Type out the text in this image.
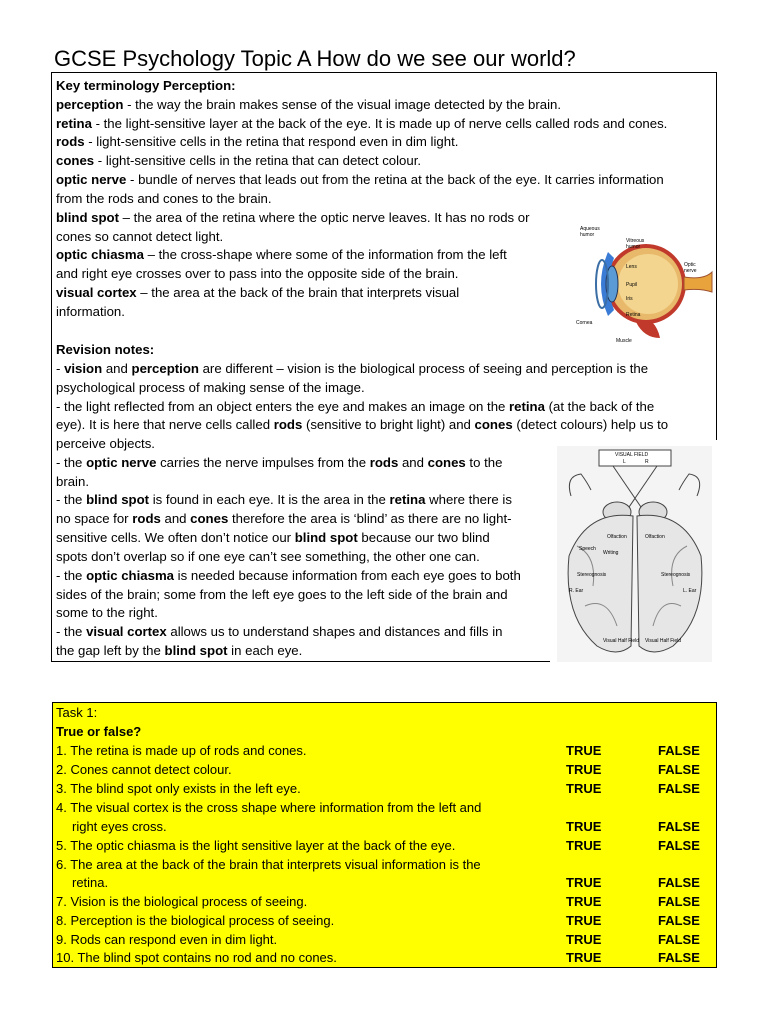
GCSE Psychology Topic A How do we see our world?
Key terminology Perception:
perception - the way the brain makes sense of the visual image detected by the brain.
retina - the light-sensitive layer at the back of the eye. It is made up of nerve cells called rods and cones.
rods - light-sensitive cells in the retina that respond even in dim light.
cones - light-sensitive cells in the retina that can detect colour.
optic nerve - bundle of nerves that leads out from the retina at the back of the eye. It carries information
from the rods and cones to the brain.
blind spot – the area of the retina where the optic nerve leaves. It has no rods or
cones so cannot detect light.
optic chiasma – the cross-shape where some of the information from the left
and right eye crosses over to pass into the opposite side of the brain.
visual cortex – the area at the back of the brain that interprets visual
information.
Revision notes:
- vision and perception are different – vision is the biological process of seeing and perception is the
psychological process of making sense of the image.
- the light reflected from an object enters the eye and makes an image on the retina (at the back of the
eye). It is here that nerve cells called rods (sensitive to bright light) and cones (detect colours) help us to
perceive objects.
- the optic nerve carries the nerve impulses from the rods and cones to the
brain.
- the blind spot is found in each eye. It is the area in the retina where there is
no space for rods and cones therefore the area is ‘blind’ as there are no light-
sensitive cells. We often don’t notice our blind spot because our two blind
spots don’t overlap so if one eye can’t see something, the other one can.
- the optic chiasma is needed because information from each eye goes to both
sides of the brain; some from the left eye goes to the left side of the brain and
some to the right.
- the visual cortex allows us to understand shapes and distances and fills in
the gap left by the blind spot in each eye.
Aqueous
humor
Vitreous
humor
Lens
Pupil
Iris
Retina
Optic
nerve
Cornea
Muscle
VISUAL FIELD
L	R
Stereognosis	Stereognosis
Olfaction	Olfaction
Speech
Writing
R. Ear	L. Ear
Visual Half Field Visual Half Field
Task 1:
True or false?
1. The retina is made up of rods and cones.	TRUE	FALSE
2. Cones cannot detect colour.	TRUE	FALSE
3. The blind spot only exists in the left eye.	TRUE	FALSE
4. The visual cortex is the cross shape where information from the left and
right eyes cross.	TRUE	FALSE
5. The optic chiasma is the light sensitive layer at the back of the eye.	TRUE	FALSE
6. The area at the back of the brain that interprets visual information is the
retina.	TRUE	FALSE
7. Vision is the biological process of seeing.	TRUE	FALSE
8. Perception is the biological process of seeing.	TRUE	FALSE
9. Rods can respond even in dim light.	TRUE	FALSE
10. The blind spot contains no rod and no cones.	TRUE	FALSE
